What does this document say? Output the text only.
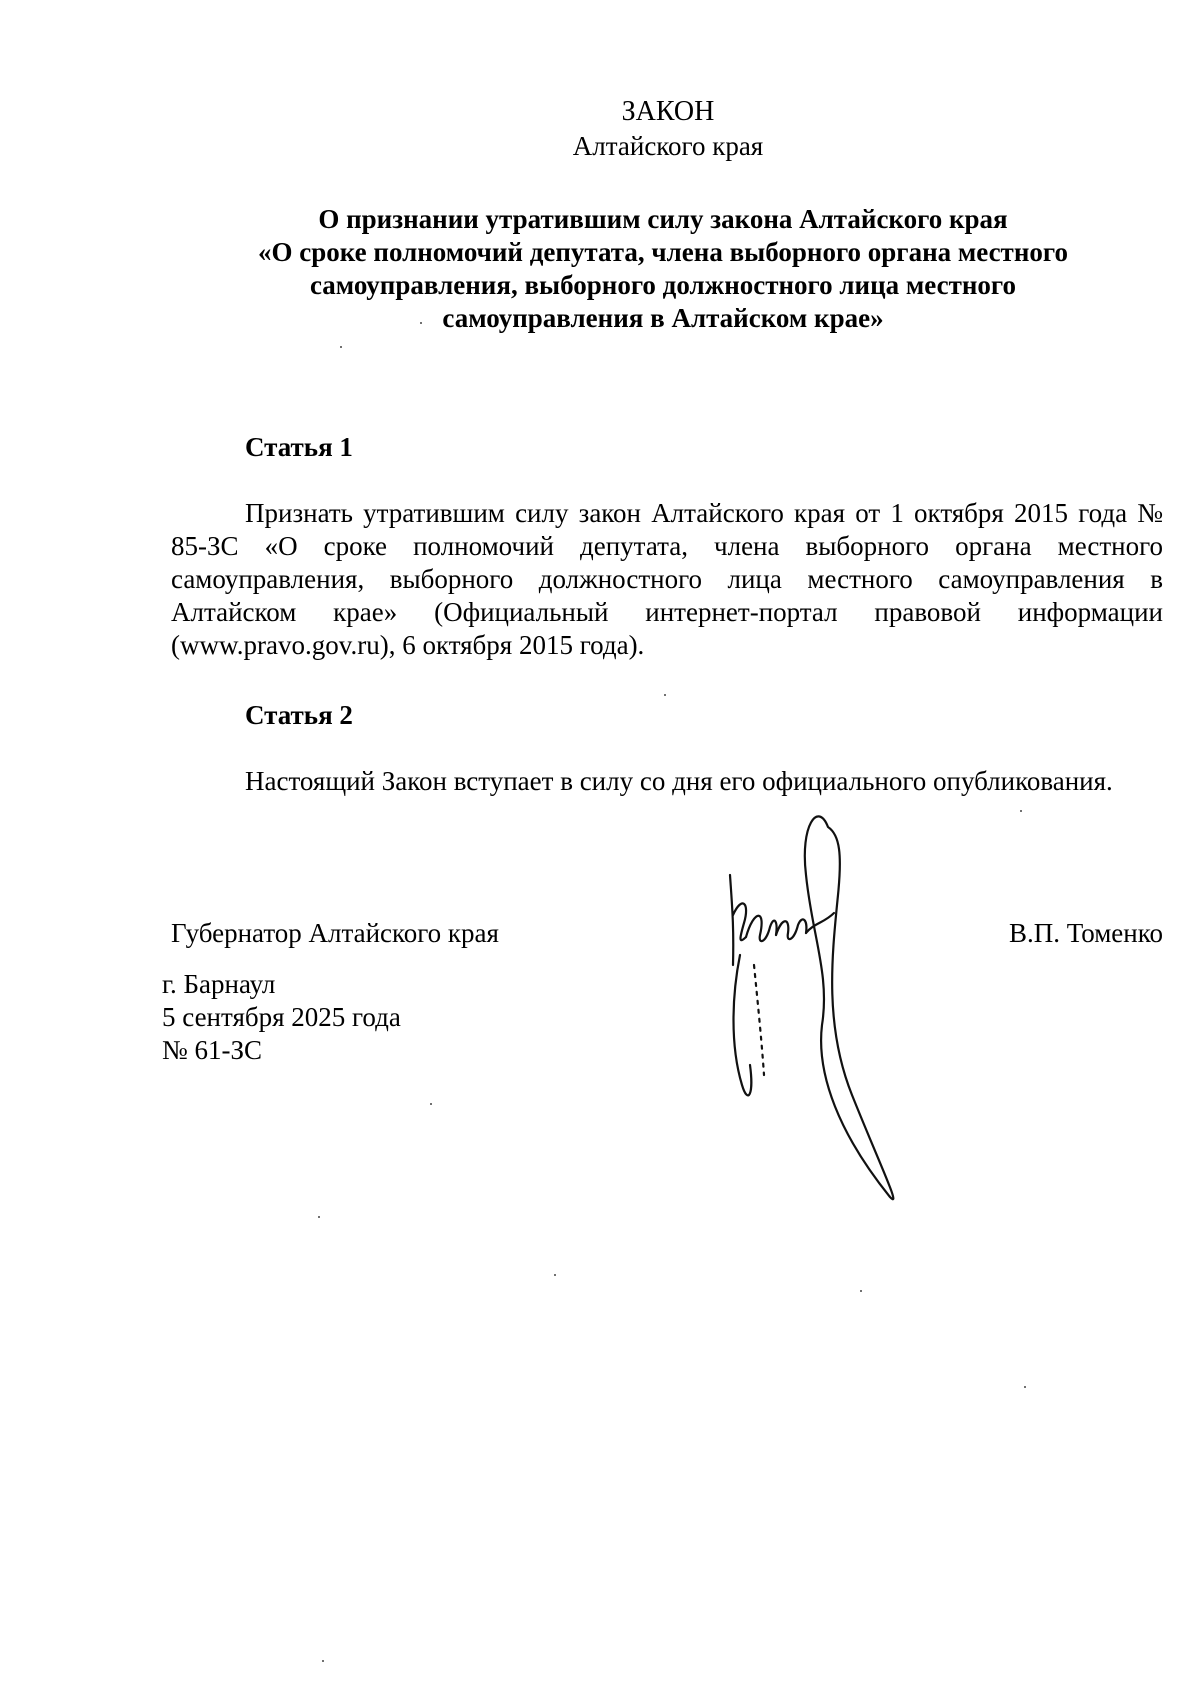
ЗАКОН
Алтайского края
О признании утратившим силу закона Алтайского края
«О сроке полномочий депутата, члена выборного органа местного
самоуправления, выборного должностного лица местного
самоуправления в Алтайском крае»
Статья 1
Признать утратившим силу закон Алтайского края от 1 октября 2015 года № 85-ЗС «О сроке полномочий депутата, члена выборного органа местного самоуправления, выборного должностного лица местного самоуправления в Алтайском крае» (Официальный интернет-портал правовой информации (www.pravo.gov.ru), 6 октября 2015 года).
Статья 2
Настоящий Закон вступает в силу со дня его официального опубликования.
Губернатор Алтайского края	В.П. Томенко
г. Барнаул
5 сентября 2025 года
№ 61-ЗС
